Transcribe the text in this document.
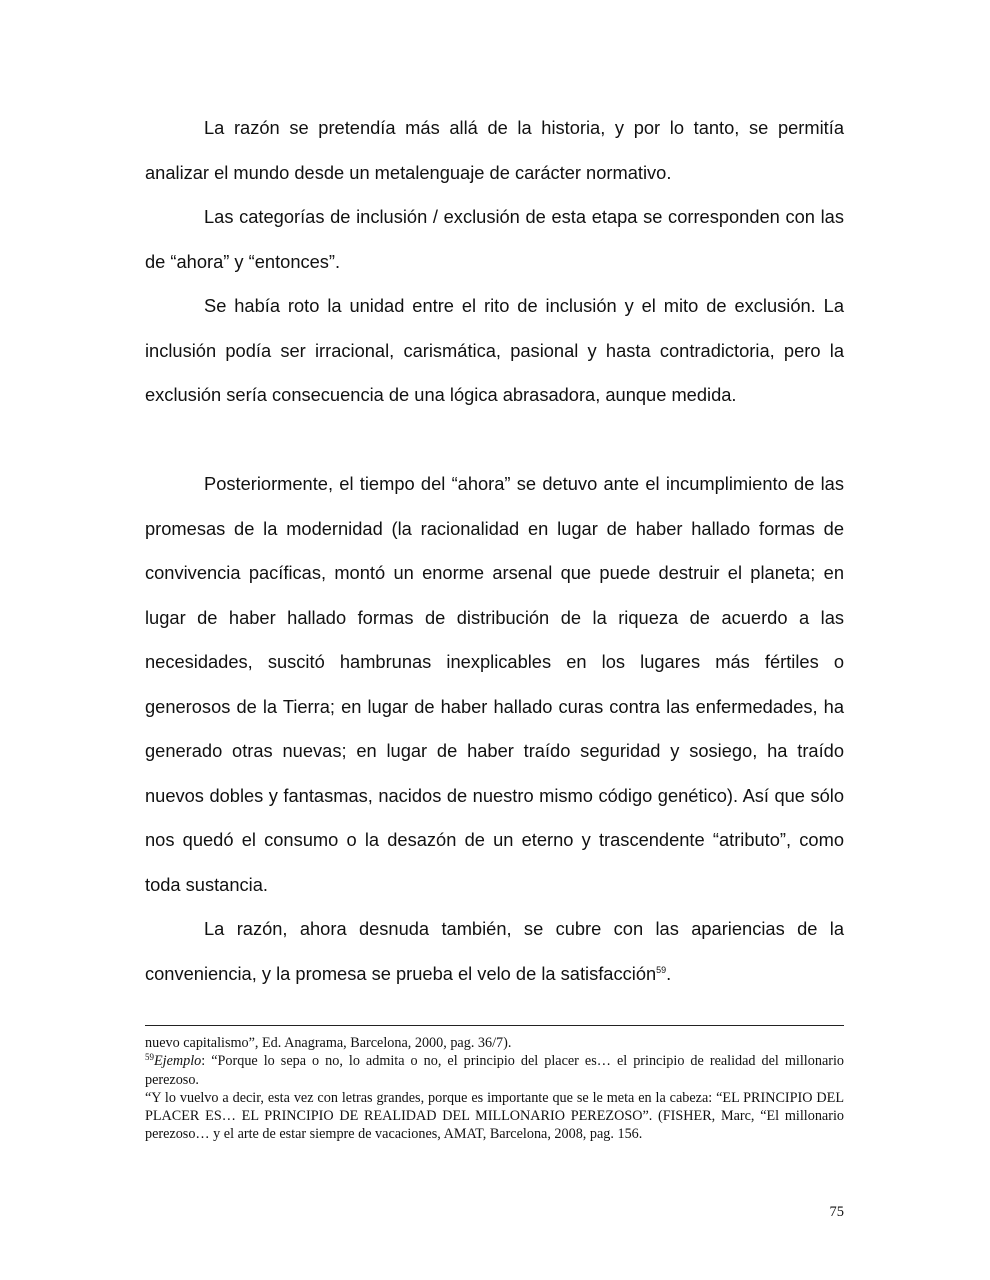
La razón se pretendía más allá de la historia, y por lo tanto, se permitía analizar el mundo desde un metalenguaje de carácter normativo.

Las categorías de inclusión / exclusión de esta etapa se corresponden con las de “ahora” y “entonces”.

Se había roto la unidad entre el rito de inclusión y el mito de exclusión. La inclusión podía ser irracional, carismática, pasional y hasta contradictoria, pero la exclusión sería consecuencia de una lógica abrasadora, aunque medida.

Posteriormente, el tiempo del “ahora” se detuvo ante el incumplimiento de las promesas de la modernidad (la racionalidad en lugar de haber hallado formas de convivencia pacíficas, montó un enorme arsenal que puede destruir el planeta; en lugar de haber hallado formas de distribución de la riqueza de acuerdo a las necesidades, suscitó hambrunas inexplicables en los lugares más fértiles o generosos de la Tierra; en lugar de haber hallado curas contra las enfermedades, ha generado otras nuevas; en lugar de haber traído seguridad y sosiego, ha traído nuevos dobles y fantasmas, nacidos de nuestro mismo código genético). Así que sólo nos quedó el consumo o la desazón de un eterno y trascendente “atributo”, como toda sustancia.

La razón, ahora desnuda también, se cubre con las apariencias de la conveniencia, y la promesa se prueba el velo de la satisfacción$^{59}$.

nuevo capitalismo”, Ed. Anagrama, Barcelona, 2000, pag. 36/7).

$^{59}$Ejemplo: “Porque lo sepa o no, lo admita o no, el principio del placer es… el principio de realidad del millonario perezoso.

“Y lo vuelvo a decir, esta vez con letras grandes, porque es importante que se le meta en la cabeza: “EL PRINCIPIO DEL PLACER ES… EL PRINCIPIO DE REALIDAD DEL MILLONARIO PEREZOSO”. (FISHER, Marc, “El millonario perezoso… y el arte de estar siempre de vacaciones, AMAT, Barcelona, 2008, pag. 156.

75
